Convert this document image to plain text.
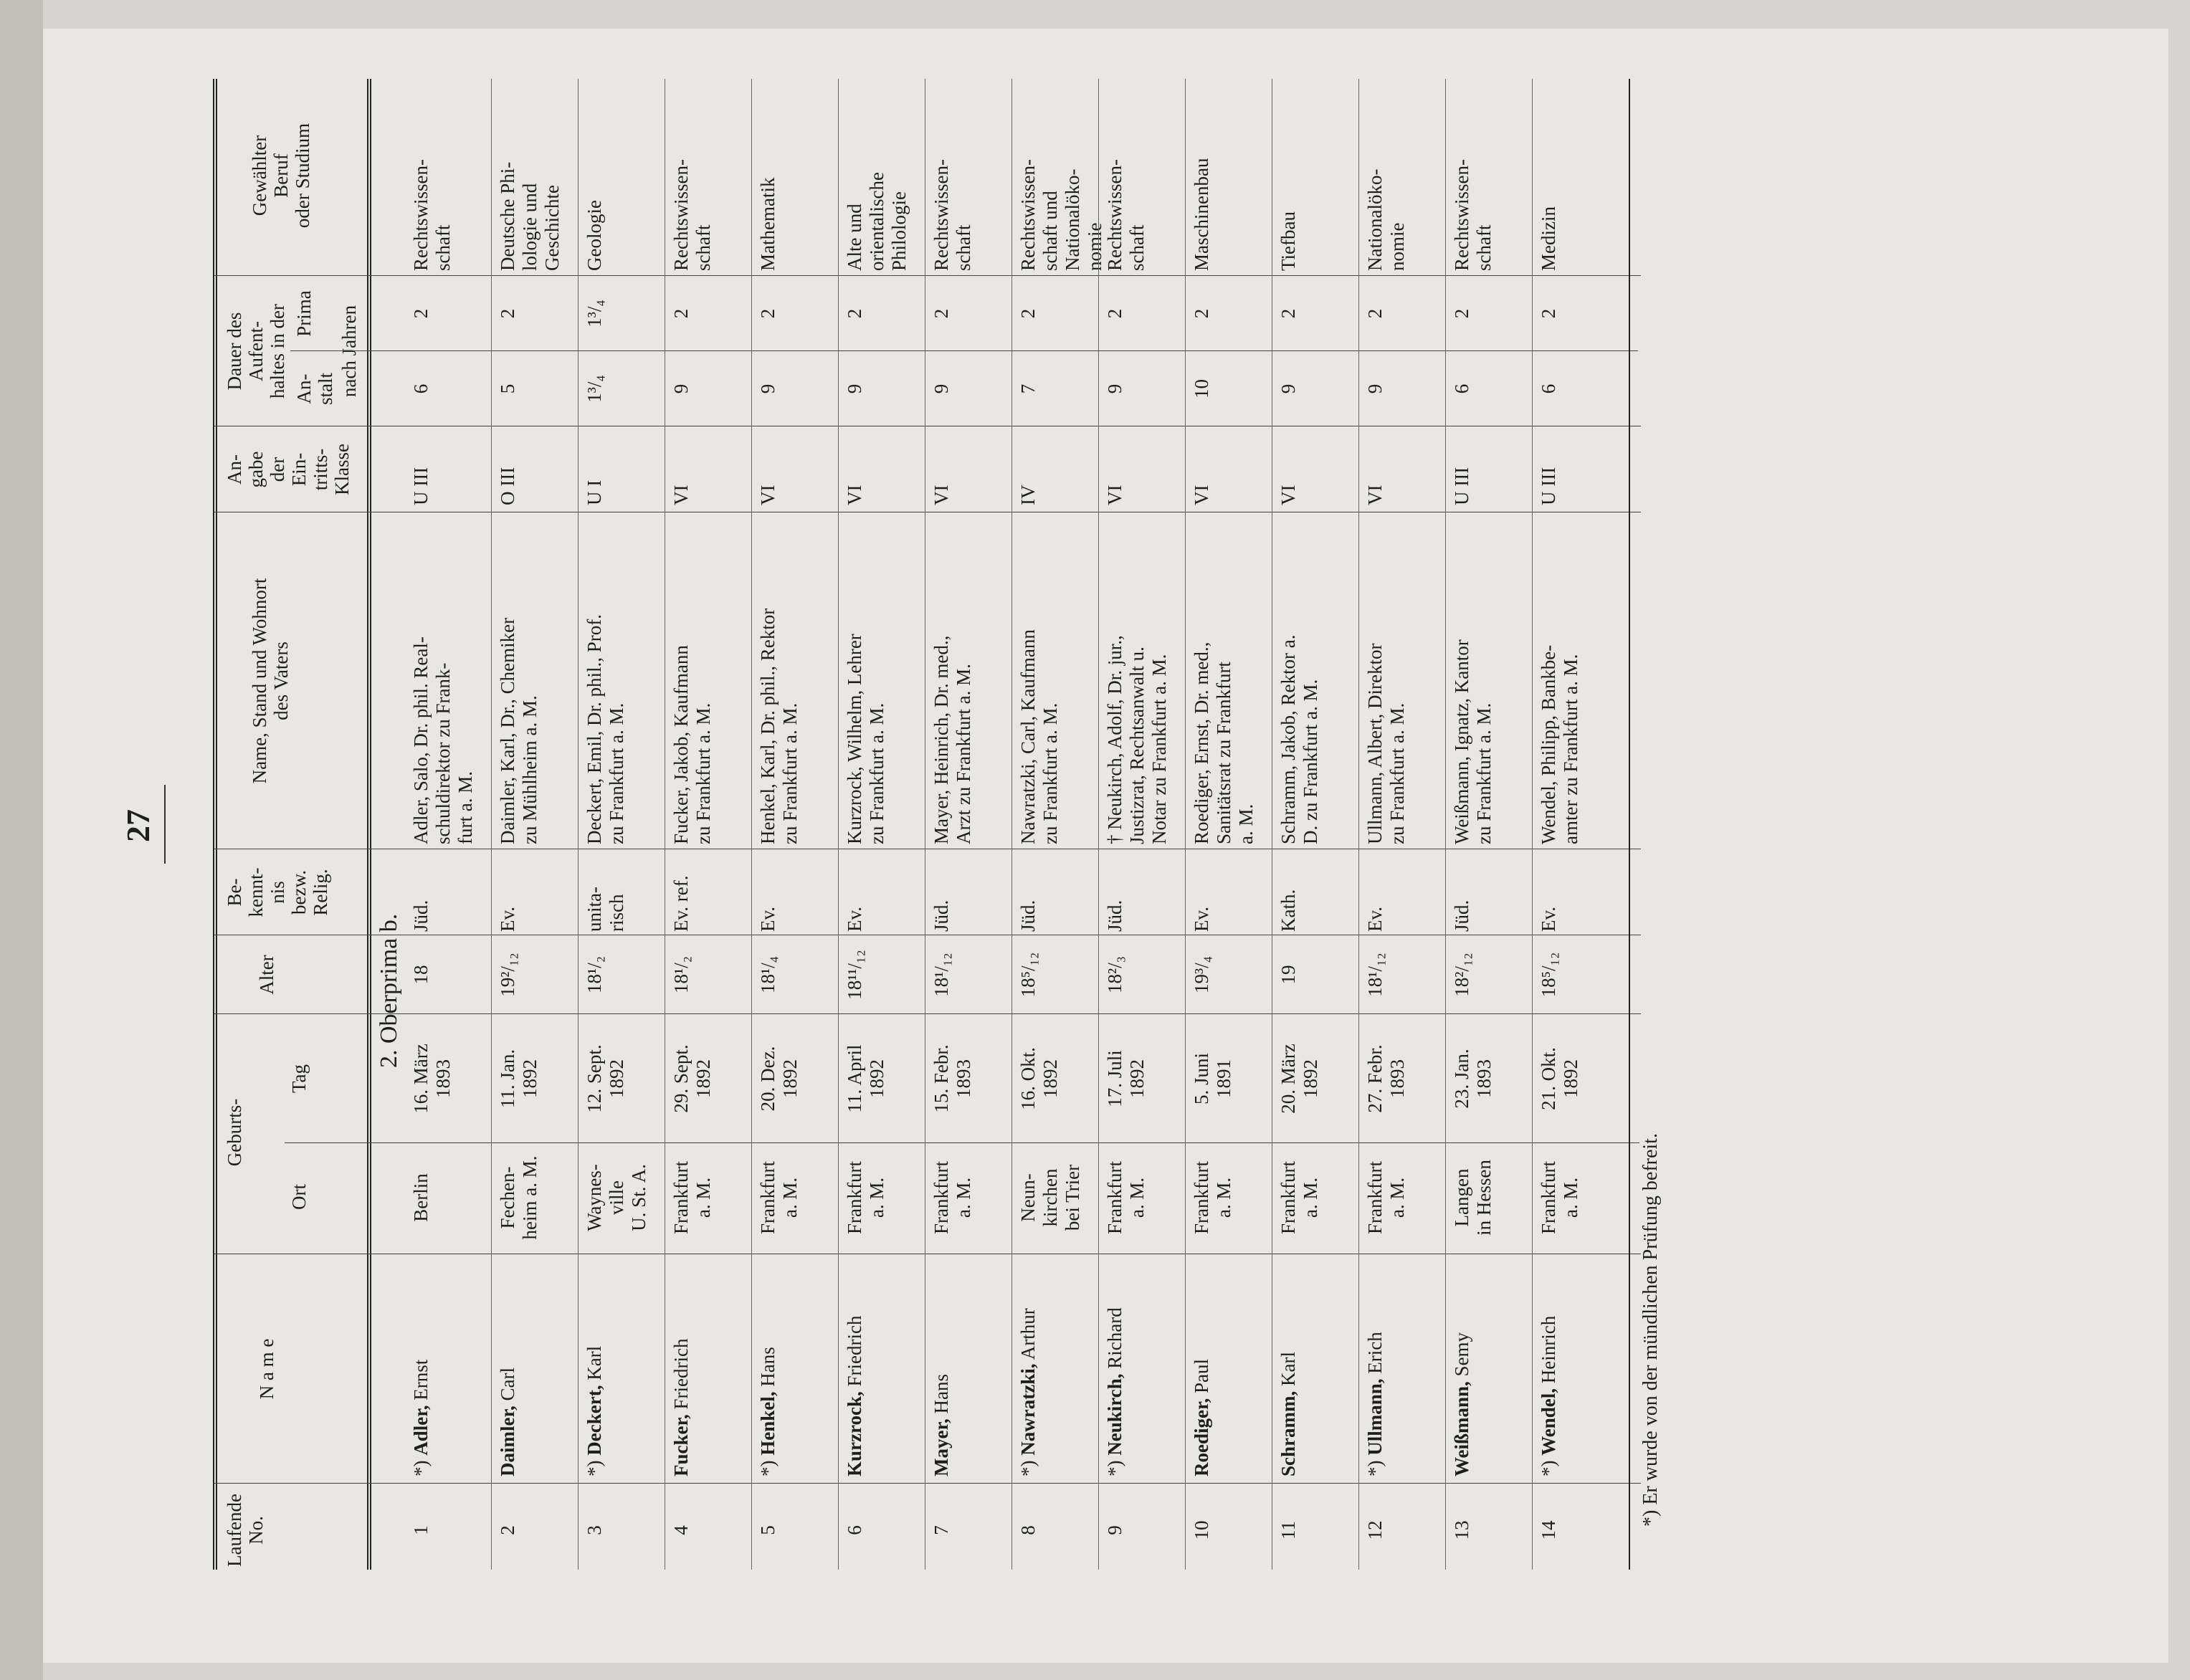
27
Laufende No.
N a m e
Geburts-
Ort
Tag
Alter
Be-
kennt-
nis
bezw.
Relig.
Name, Stand und Wohnort
des Vaters
An-
gabe
der
Ein-
tritts-
Klasse
Dauer des
Aufent-
haltes in der
An-
stalt
Prima nach Jahren
Gewählter
Beruf
oder Studium
2. Oberprima b.
*) Adler, Ernst
1
Berlin
16. März
1893
18
Jüd.
Adler, Salo, Dr. phil. Real-
schuldirektor zu Frank-
furt a. M.
U III
6
2
Rechtswissen-
schaft
Daimler, Carl
2
Fechen-
heim a. M.
11. Jan.
1892
19²/₁₂
Ev.
Daimler, Karl, Dr., Chemiker
zu Mühlheim a. M.
O III
5
2
Deutsche Phi-
lologie und
Geschichte
*) Deckert, Karl
3
Waynes-
ville
U. St. A.
12. Sept.
1892
18¹/₂
unita-
risch
Deckert, Emil, Dr. phil., Prof.
zu Frankfurt a. M.
U I
1³/₄
1³/₄
Geologie
Fucker, Friedrich
4
Frankfurt
a. M.
29. Sept.
1892
18¹/₂
Ev. ref.
Fucker, Jakob, Kaufmann
zu Frankfurt a. M.
VI
9
2
Rechtswissen-
schaft
*) Henkel, Hans
5
Frankfurt
a. M.
20. Dez.
1892
18¹/₄
Ev.
Henkel, Karl, Dr. phil., Rektor
zu Frankfurt a. M.
VI
9
2
Mathematik
Kurzrock, Friedrich
6
Frankfurt
a. M.
11. April
1892
18¹¹/₁₂
Ev.
Kurzrock, Wilhelm, Lehrer
zu Frankfurt a. M.
VI
9
2
Alte und
orientalische
Philologie
Mayer, Hans
7
Frankfurt
a. M.
15. Febr.
1893
18¹/₁₂
Jüd.
Mayer, Heinrich, Dr. med.,
Arzt zu Frankfurt a. M.
VI
9
2
Rechtswissen-
schaft
*) Nawratzki, Arthur
8
Neun-
kirchen
bei Trier
16. Okt.
1892
18⁵/₁₂
Jüd.
Nawratzki, Carl, Kaufmann
zu Frankfurt a. M.
IV
7
2
Rechtswissen-
schaft und
Nationalöko-
nomie
*) Neukirch, Richard
9
Frankfurt
a. M.
17. Juli
1892
18²/₃
Jüd.
† Neukirch, Adolf, Dr. jur.,
Justizrat, Rechtsanwalt u.
Notar zu Frankfurt a. M.
VI
9
2
Rechtswissen-
schaft
Roediger, Paul
10
Frankfurt
a. M.
5. Juni
1891
19³/₄
Ev.
Roediger, Ernst, Dr. med.,
Sanitätsrat zu Frankfurt
a. M.
VI
10
2
Maschinenbau
Schramm, Karl
11
Frankfurt
a. M.
20. März
1892
19
Kath.
Schramm, Jakob, Rektor a.
D. zu Frankfurt a. M.
VI
9
2
Tiefbau
*) Ullmann, Erich
12
Frankfurt
a. M.
27. Febr.
1893
18¹/₁₂
Ev.
Ullmann, Albert, Direktor
zu Frankfurt a. M.
VI
9
2
Nationalöko-
nomie
Weißmann, Semy
13
Langen
in Hessen
23. Jan.
1893
18²/₁₂
Jüd.
Weißmann, Ignatz, Kantor
zu Frankfurt a. M.
U III
6
2
Rechtswissen-
schaft
*) Wendel, Heinrich
14
Frankfurt
a. M.
21. Okt.
1892
18⁵/₁₂
Ev.
Wendel, Philipp, Bankbe-
amter zu Frankfurt a. M.
U III
6
2
Medizin
*) Er wurde von der mündlichen Prüfung befreit.
